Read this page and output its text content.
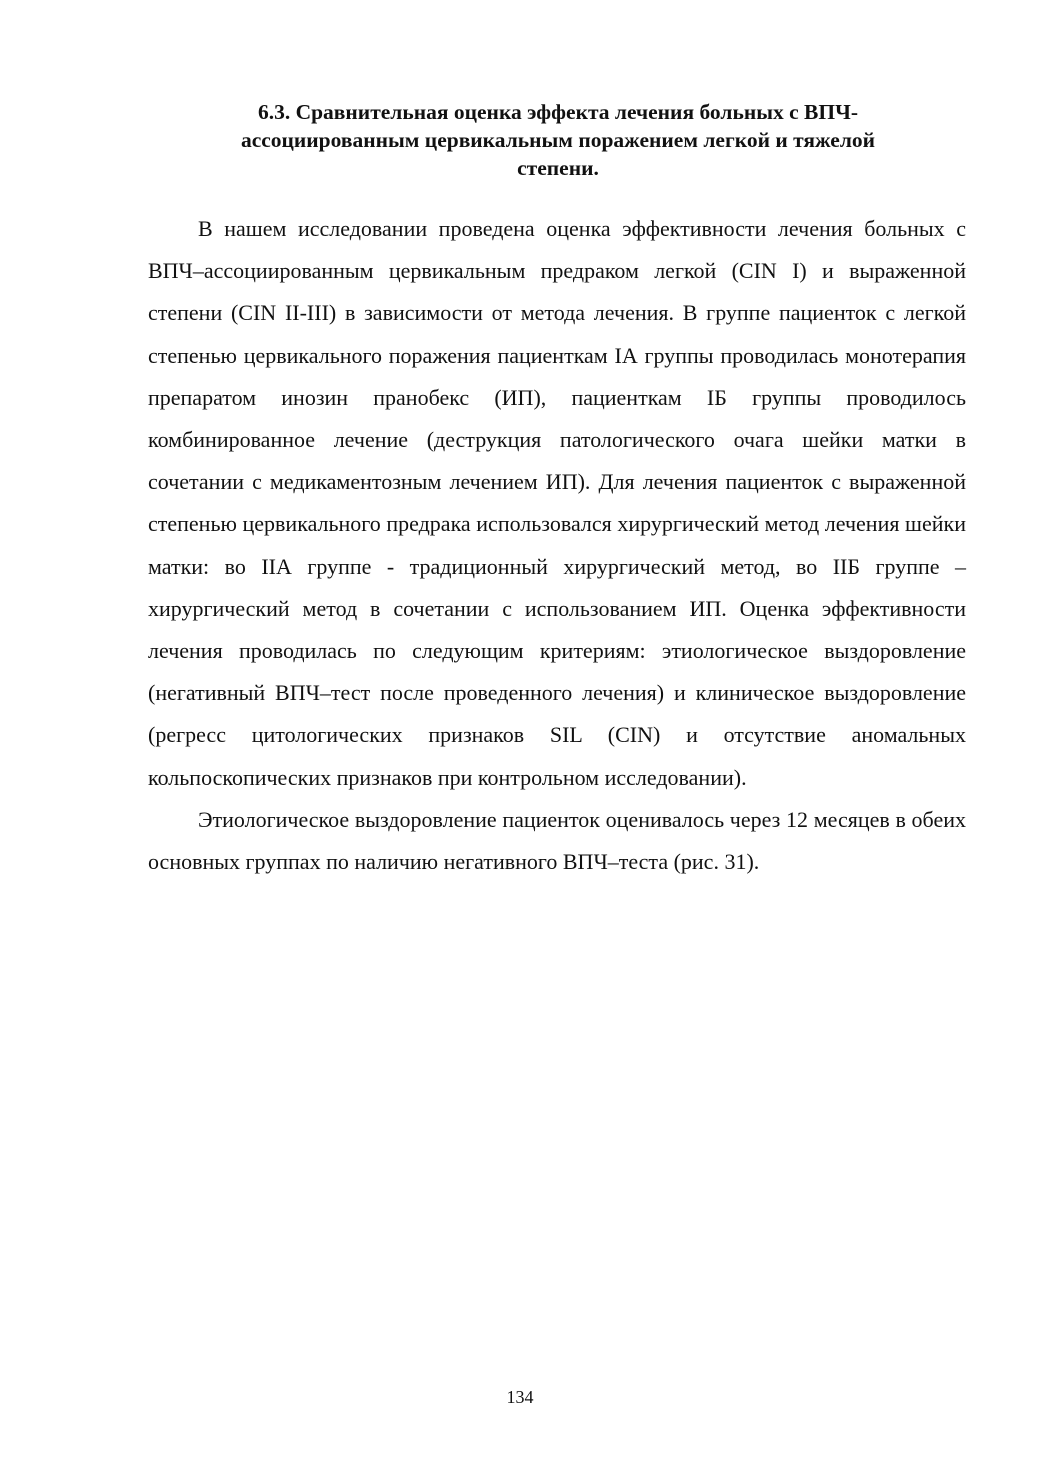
6.3. Сравнительная оценка эффекта лечения больных с ВПЧ-
ассоциированным цервикальным поражением легкой и тяжелой
степени.

В нашем исследовании проведена оценка эффективности лечения больных с ВПЧ–ассоциированным цервикальным предраком легкой (CIN I) и выраженной степени (CIN II-III) в зависимости от метода лечения. В группе пациенток с легкой степенью цервикального поражения пациенткам IА группы проводилась монотерапия препаратом инозин пранобекс (ИП), пациенткам IБ группы проводилось комбинированное лечение (деструкция патологического очага шейки матки в сочетании с медикаментозным лечением ИП). Для лечения пациенток с выраженной степенью цервикального предрака использовался хирургический метод лечения шейки матки: во IIА группе - традиционный хирургический метод, во IIБ группе – хирургический метод в сочетании с использованием ИП. Оценка эффективности лечения проводилась по следующим критериям: этиологическое выздоровление (негативный ВПЧ–тест после проведенного лечения) и клиническое выздоровление (регресс цитологических признаков SIL (CIN) и отсутствие аномальных кольпоскопических признаков при контрольном исследовании).

Этиологическое выздоровление пациенток оценивалось через 12 месяцев в обеих основных группах по наличию негативного ВПЧ–теста (рис. 31).

134
